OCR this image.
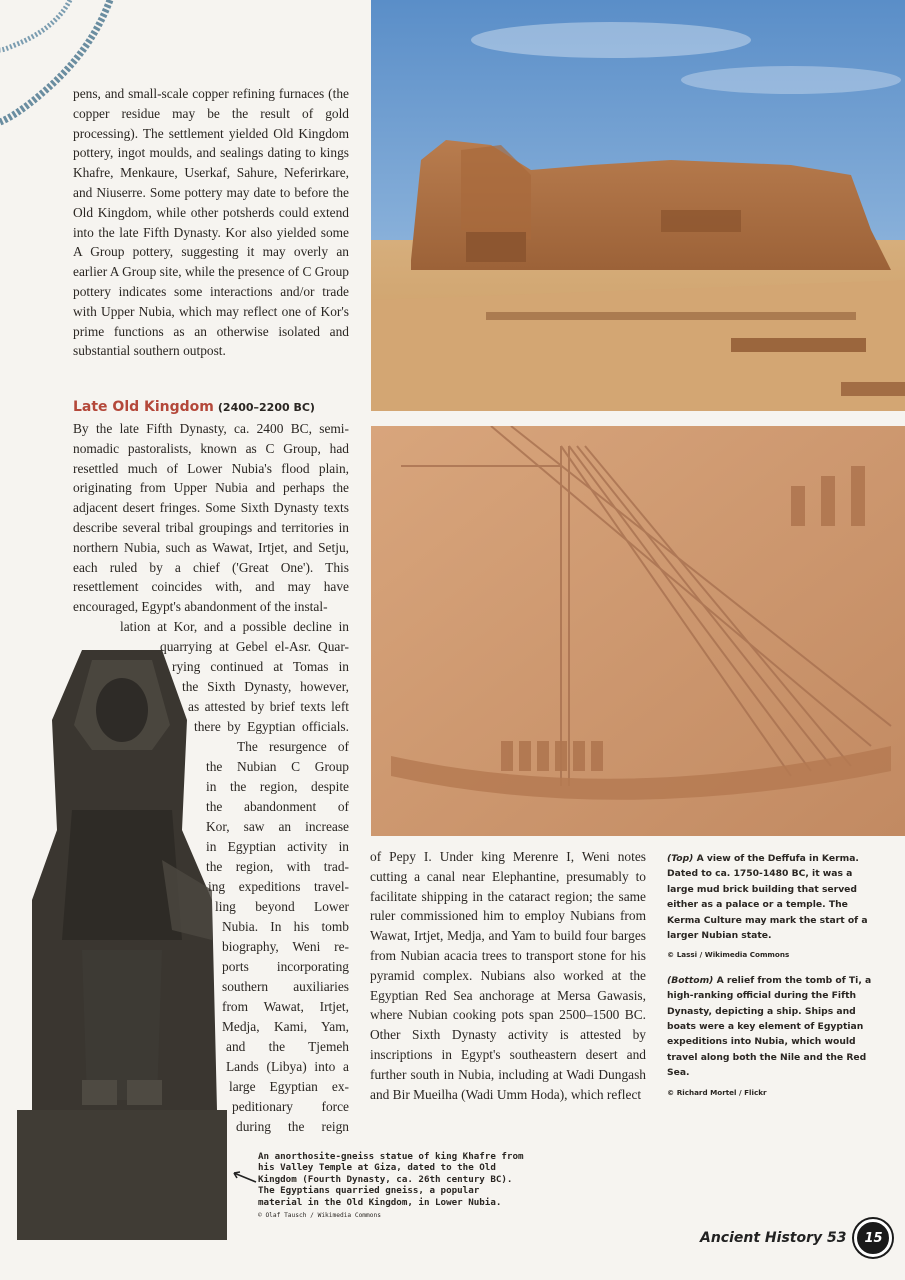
pens, and small-scale copper refining furnaces (the copper residue may be the result of gold processing). The settlement yielded Old Kingdom pottery, ingot moulds, and sealings dating to kings Khafre, Menkaure, Userkaf, Sahure, Neferirkare, and Niuserre. Some pottery may date to before the Old Kingdom, while other potsherds could extend into the late Fifth Dynasty. Kor also yielded some A Group pottery, suggesting it may overly an earlier A Group site, while the presence of C Group pottery indicates some interactions and/or trade with Upper Nubia, which may reflect one of Kor's prime functions as an otherwise isolated and substantial southern outpost.
Late Old Kingdom (2400–2200 BC)
By the late Fifth Dynasty, ca. 2400 BC, semi-nomadic pastoralists, known as C Group, had resettled much of Lower Nubia's flood plain, originating from Upper Nubia and perhaps the adjacent desert fringes. Some Sixth Dynasty texts describe several tribal groupings and territories in northern Nubia, such as Wawat, Irtjet, and Setju, each ruled by a chief ('Great One'). This resettlement coincides with, and may have encouraged, Egypt's abandonment of the instal-
lation at Kor, and a possible decline in
quarrying at Gebel el-Asr. Quar-
rying continued at Tomas in
the Sixth Dynasty, however,
as attested by brief texts left
there by Egyptian officials.
The resurgence of
the Nubian C Group
in the region, despite
the abandonment of
Kor, saw an increase
in Egyptian activity in
the region, with trad-
ing expeditions travel-
ling beyond Lower
Nubia. In his tomb
biography, Weni re-
ports incorporating
southern auxiliaries
from Wawat, Irtjet,
Medja, Kami, Yam,
and the Tjemeh
Lands (Libya) into a
large Egyptian ex-
peditionary force
during the reign
of Pepy I. Under king Merenre I, Weni notes cutting a canal near Elephantine, presumably to facilitate shipping in the cataract region; the same ruler commissioned him to employ Nubians from Wawat, Irtjet, Medja, and Yam to build four barges from Nubian acacia trees to transport stone for his pyramid complex. Nubians also worked at the Egyptian Red Sea anchorage at Mersa Gawasis, where Nubian cooking pots span 2500–1500 BC. Other Sixth Dynasty activity is attested by inscriptions in Egypt's southeastern desert and further south in Nubia, including at Wadi Dungash and Bir Mueilha (Wadi Umm Hoda), which reflect

(Top) A view of the Deffufa in Kerma. Dated to ca. 1750-1480 BC, it was a large mud brick building that served either as a palace or a temple. The Kerma Culture may mark the start of a larger Nubian state.

© Lassi / Wikimedia Commons

(Bottom) A relief from the tomb of Ti, a high-ranking official during the Fifth Dynasty, depicting a ship. Ships and boats were a key element of Egyptian expeditions into Nubia, which would travel along both the Nile and the Red Sea.

© Richard Mortel / Flickr

An anorthosite-gneiss statue of king Khafre from his Valley Temple at Giza, dated to the Old Kingdom (Fourth Dynasty, ca. 26th century BC). The Egyptians quarried gneiss, a popular material in the Old Kingdom, in Lower Nubia.

© Olaf Tausch / Wikimedia Commons

Ancient History 53	15
